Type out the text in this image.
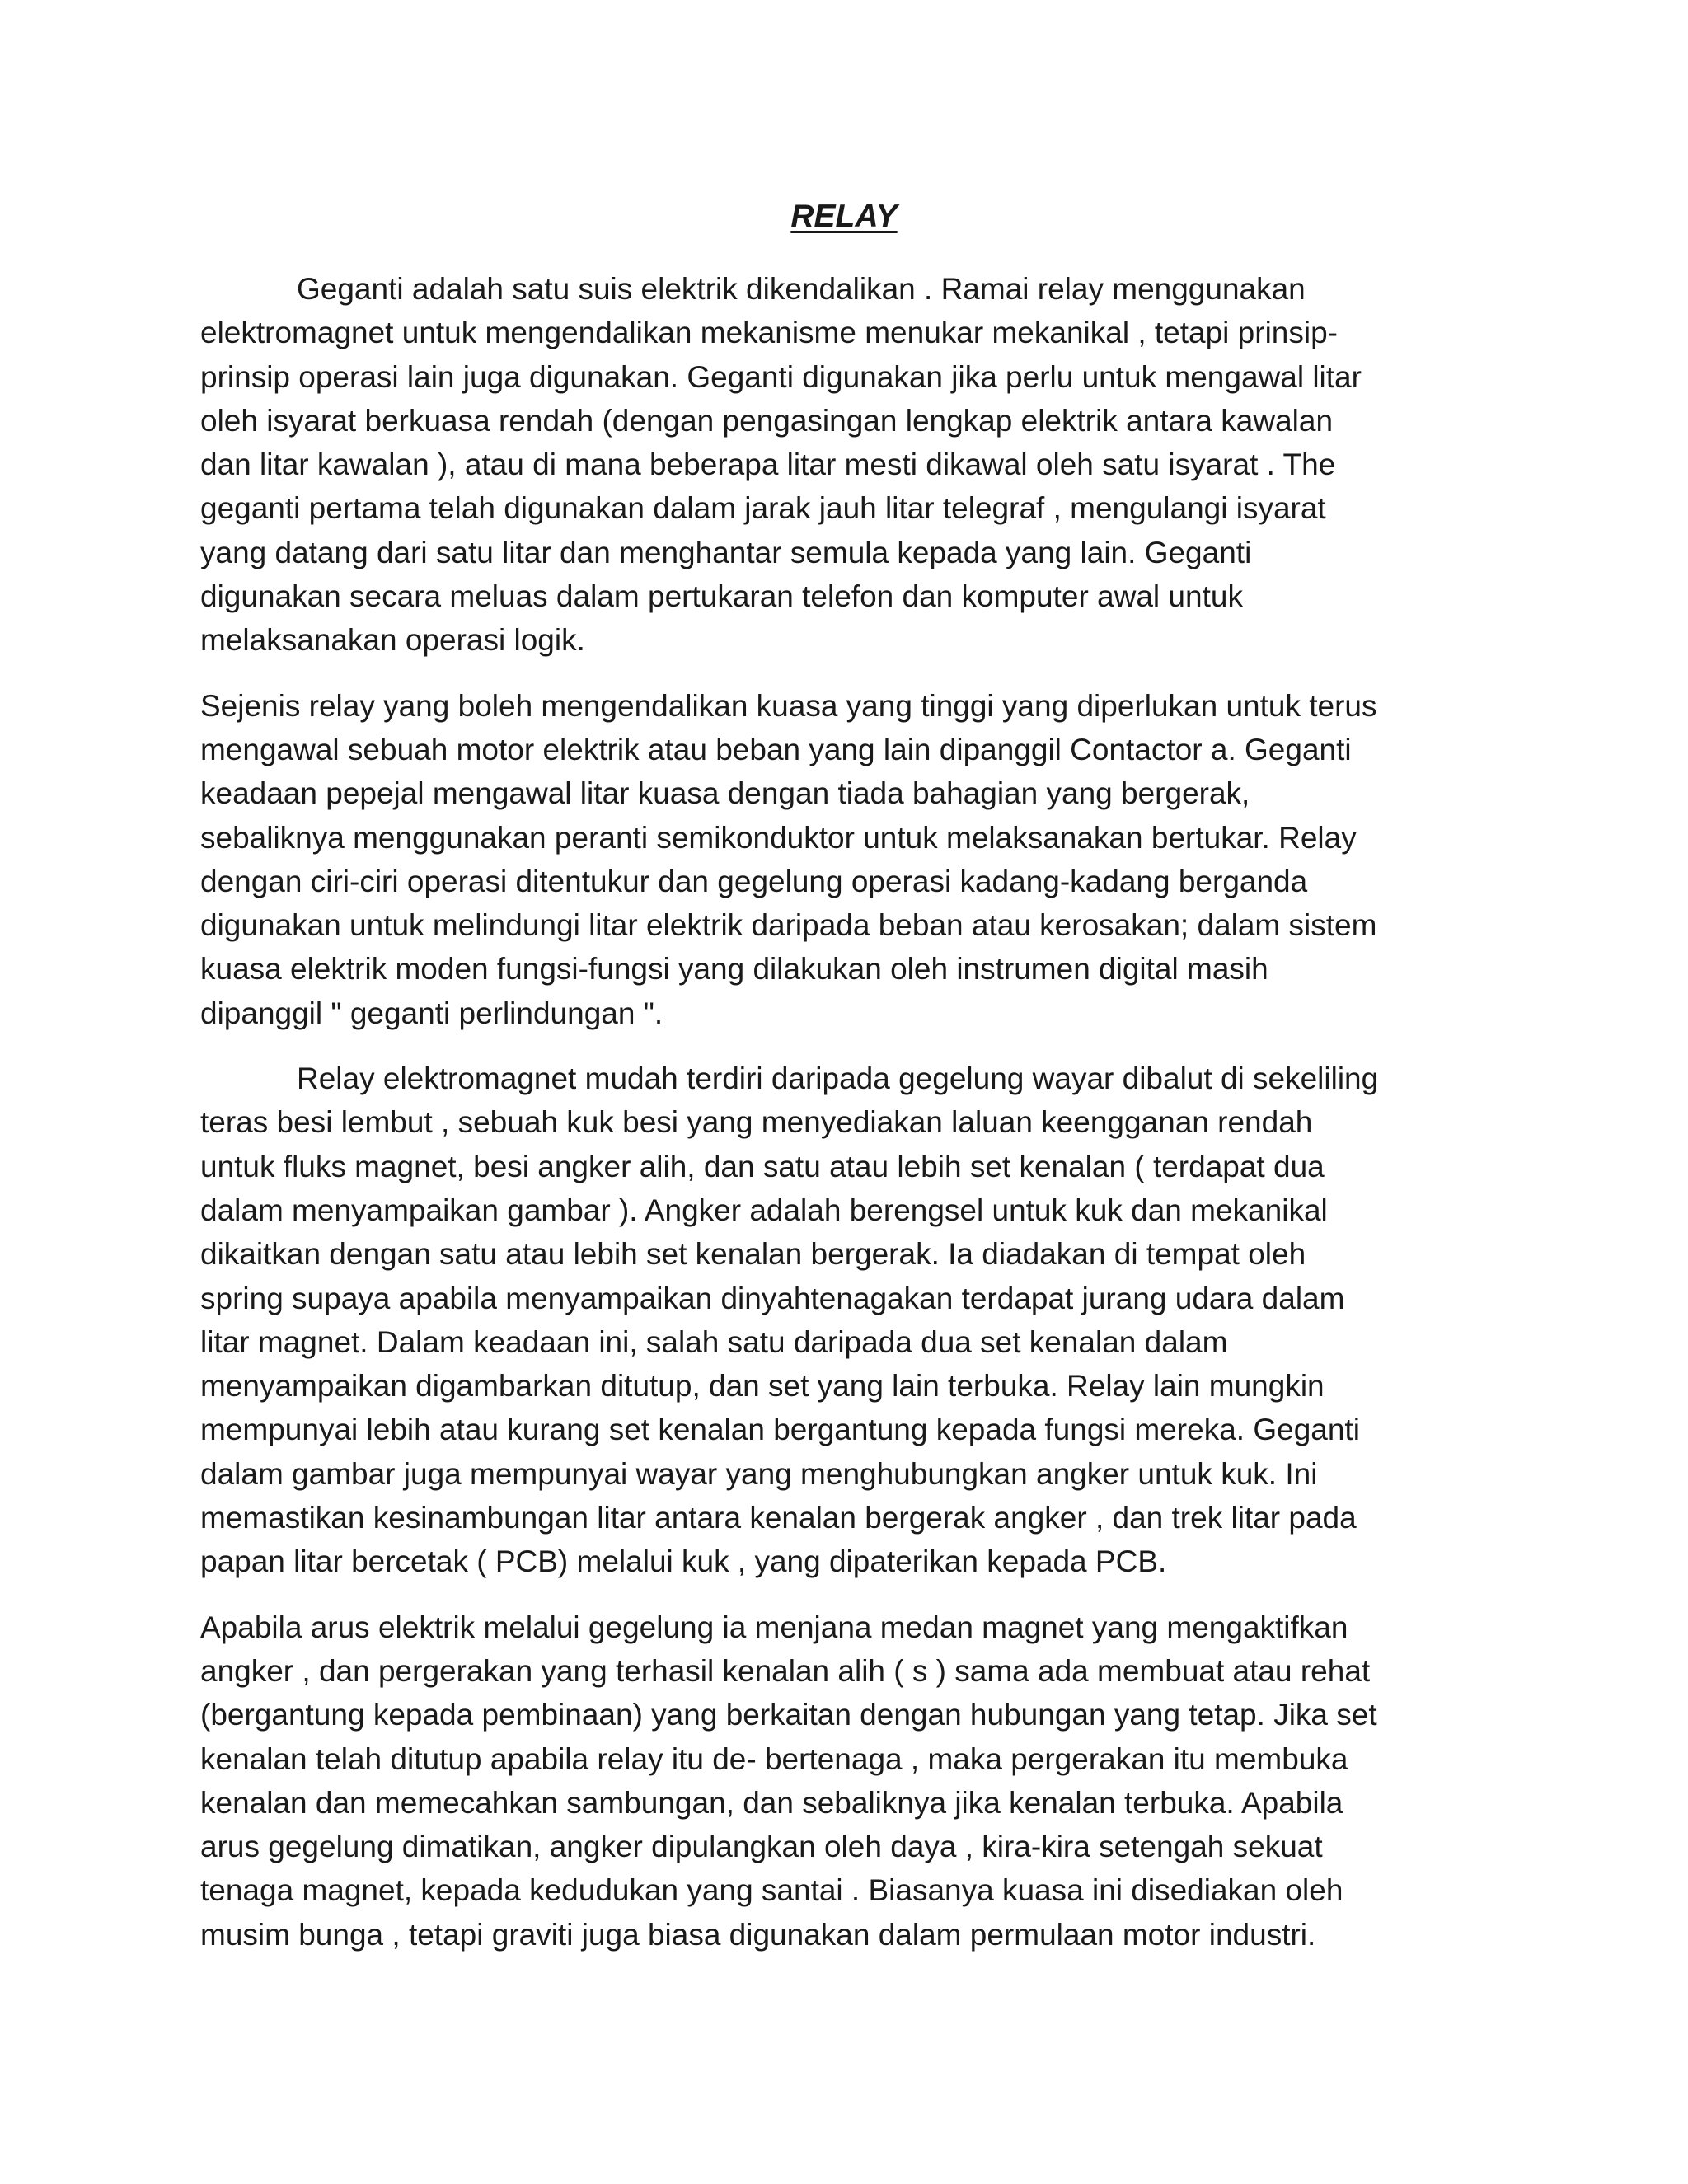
RELAY

Geganti adalah satu suis elektrik dikendalikan . Ramai relay menggunakan
elektromagnet untuk mengendalikan mekanisme menukar mekanikal , tetapi prinsip-
prinsip operasi lain juga digunakan. Geganti digunakan jika perlu untuk mengawal litar
oleh isyarat berkuasa rendah (dengan pengasingan lengkap elektrik antara kawalan
dan litar kawalan ), atau di mana beberapa litar mesti dikawal oleh satu isyarat . The
geganti pertama telah digunakan dalam jarak jauh litar telegraf , mengulangi isyarat
yang datang dari satu litar dan menghantar semula kepada yang lain. Geganti
digunakan secara meluas dalam pertukaran telefon dan komputer awal untuk
melaksanakan operasi logik.

Sejenis relay yang boleh mengendalikan kuasa yang tinggi yang diperlukan untuk terus
mengawal sebuah motor elektrik atau beban yang lain dipanggil Contactor a. Geganti
keadaan pepejal mengawal litar kuasa dengan tiada bahagian yang bergerak,
sebaliknya menggunakan peranti semikonduktor untuk melaksanakan bertukar. Relay
dengan ciri-ciri operasi ditentukur dan gegelung operasi kadang-kadang berganda
digunakan untuk melindungi litar elektrik daripada beban atau kerosakan; dalam sistem
kuasa elektrik moden fungsi-fungsi yang dilakukan oleh instrumen digital masih
dipanggil " geganti perlindungan ".

Relay elektromagnet mudah terdiri daripada gegelung wayar dibalut di sekeliling
teras besi lembut , sebuah kuk besi yang menyediakan laluan keengganan rendah
untuk fluks magnet, besi angker alih, dan satu atau lebih set kenalan ( terdapat dua
dalam menyampaikan gambar ). Angker adalah berengsel untuk kuk dan mekanikal
dikaitkan dengan satu atau lebih set kenalan bergerak. Ia diadakan di tempat oleh
spring supaya apabila menyampaikan dinyahtenagakan terdapat jurang udara dalam
litar magnet. Dalam keadaan ini, salah satu daripada dua set kenalan dalam
menyampaikan digambarkan ditutup, dan set yang lain terbuka. Relay lain mungkin
mempunyai lebih atau kurang set kenalan bergantung kepada fungsi mereka. Geganti
dalam gambar juga mempunyai wayar yang menghubungkan angker untuk kuk. Ini
memastikan kesinambungan litar antara kenalan bergerak angker , dan trek litar pada
papan litar bercetak ( PCB) melalui kuk , yang dipaterikan kepada PCB.

Apabila arus elektrik melalui gegelung ia menjana medan magnet yang mengaktifkan
angker , dan pergerakan yang terhasil kenalan alih ( s ) sama ada membuat atau rehat
(bergantung kepada pembinaan) yang berkaitan dengan hubungan yang tetap. Jika set
kenalan telah ditutup apabila relay itu de- bertenaga , maka pergerakan itu membuka
kenalan dan memecahkan sambungan, dan sebaliknya jika kenalan terbuka. Apabila
arus gegelung dimatikan, angker dipulangkan oleh daya , kira-kira setengah sekuat
tenaga magnet, kepada kedudukan yang santai . Biasanya kuasa ini disediakan oleh
musim bunga , tetapi graviti juga biasa digunakan dalam permulaan motor industri.
